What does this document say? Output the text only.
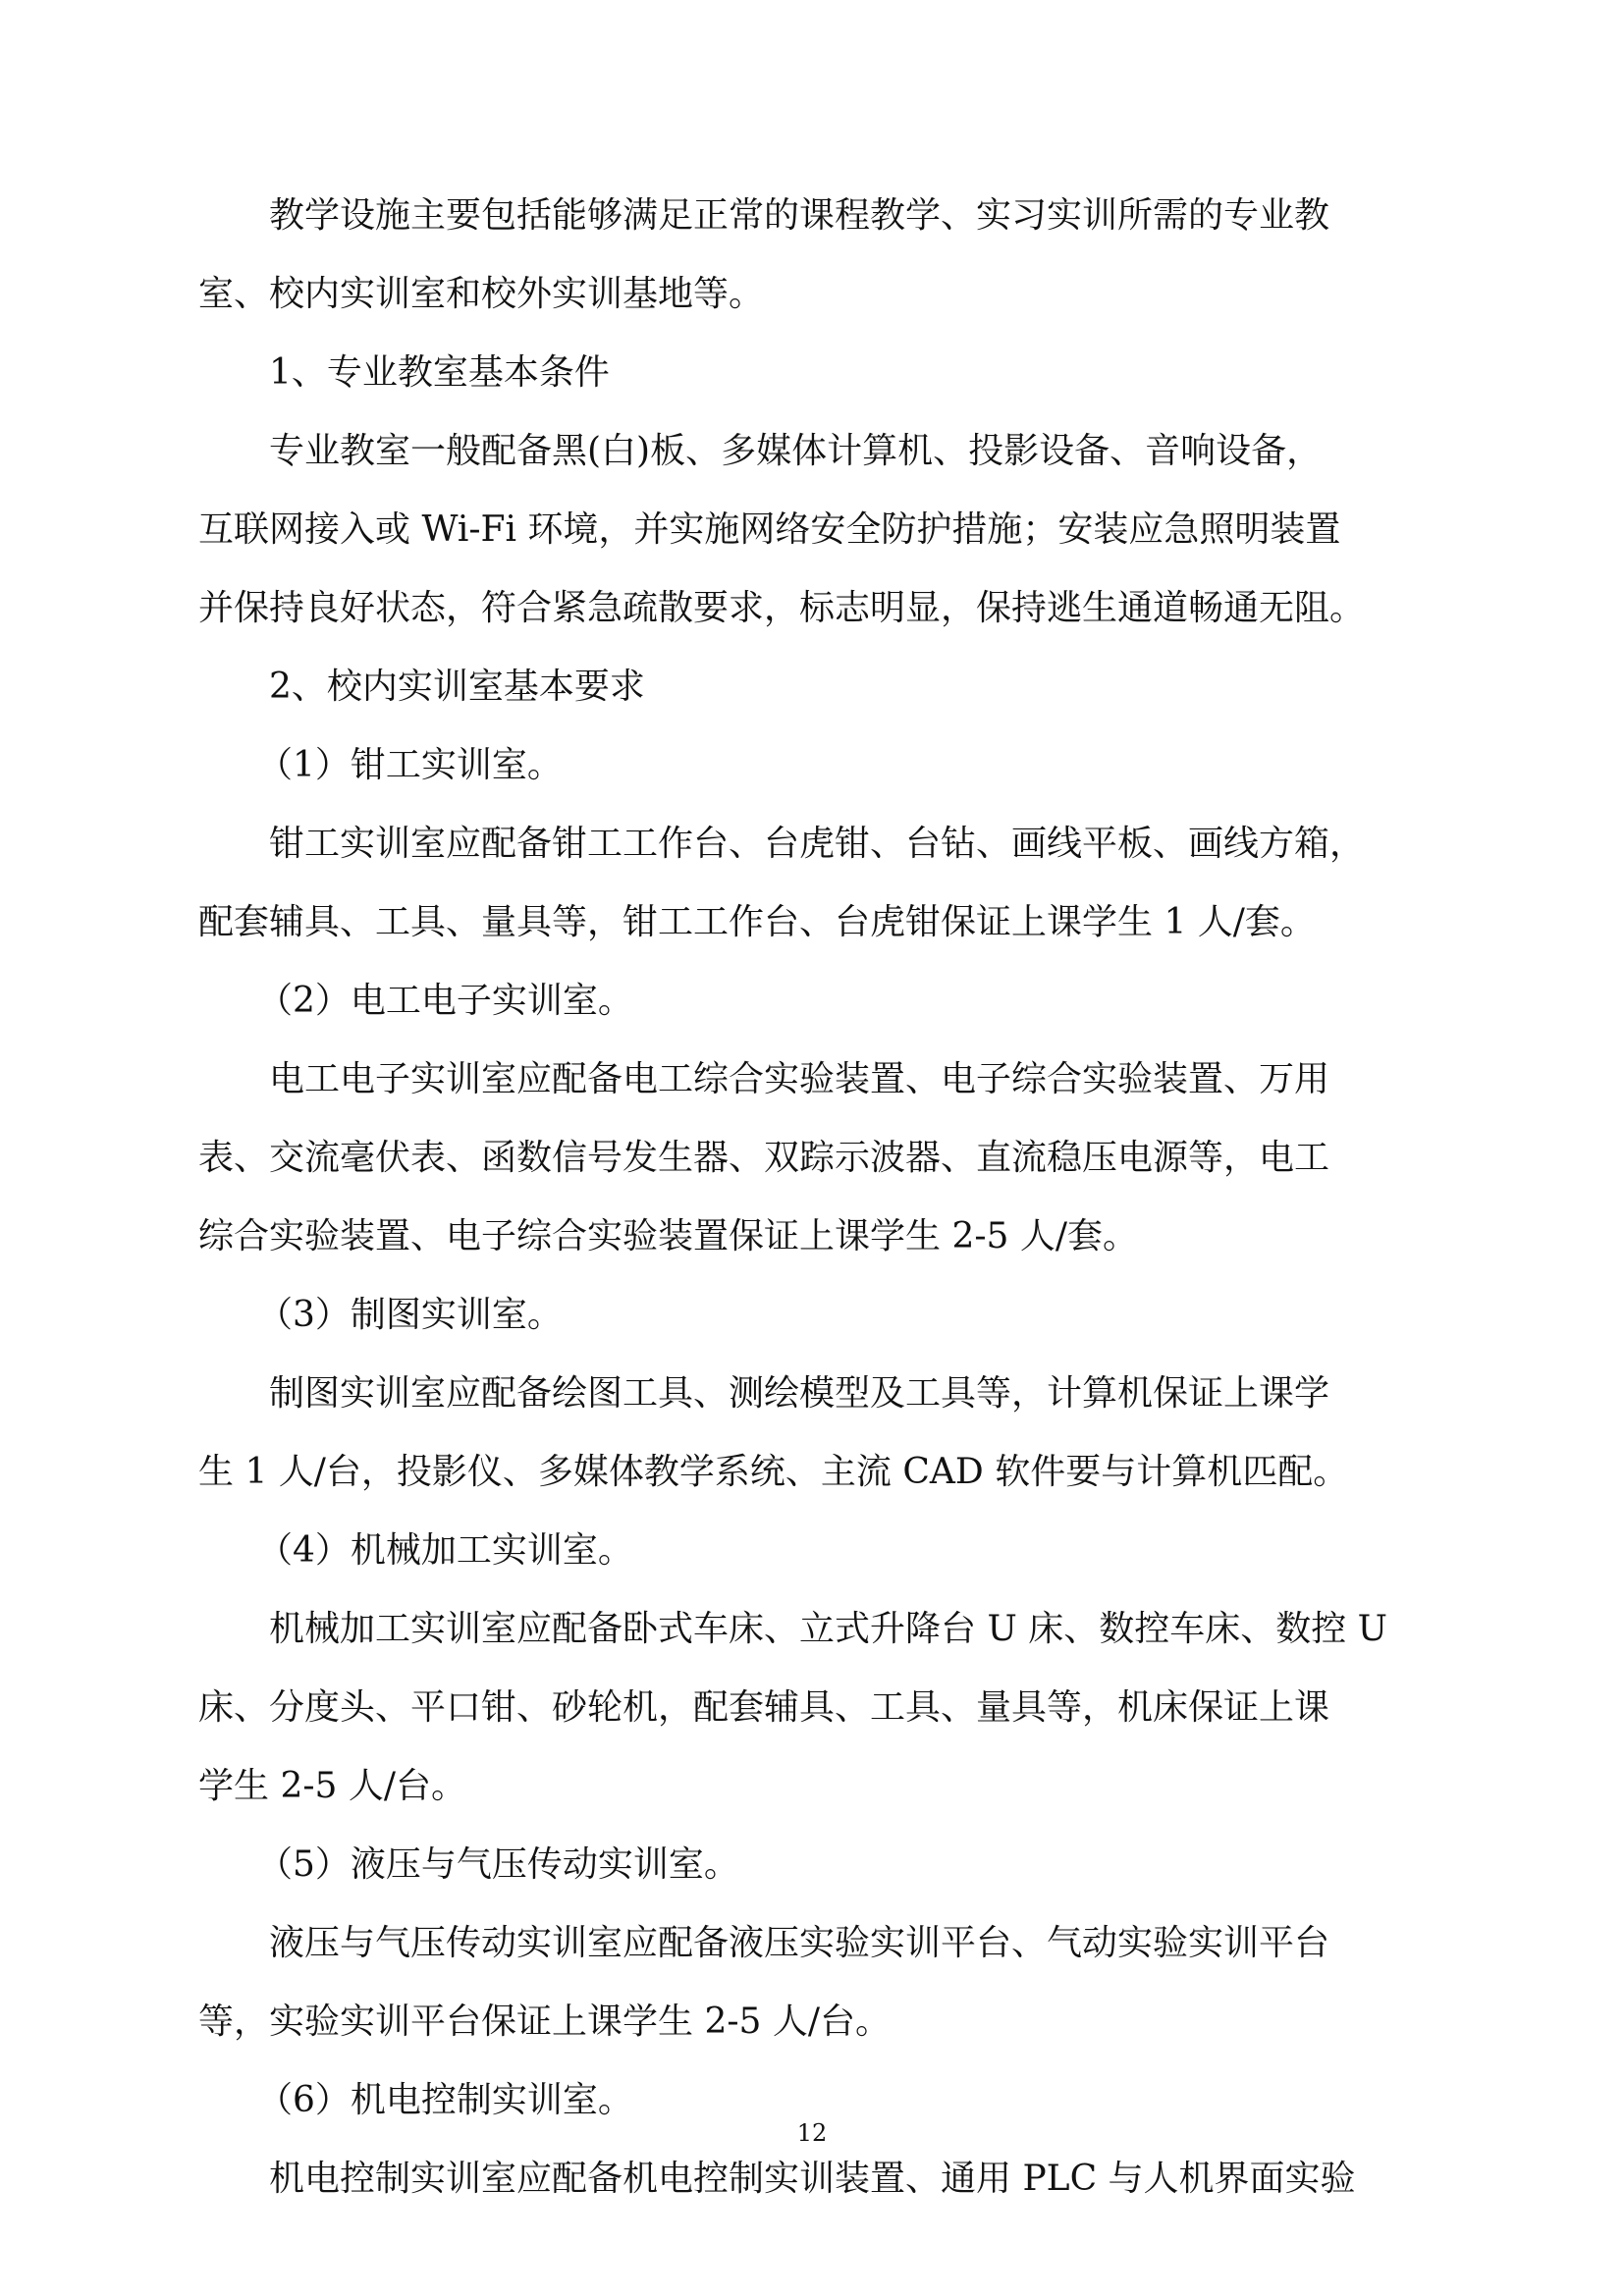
教学设施主要包括能够满足正常的课程教学、实习实训所需的专业教
室、校内实训室和校外实训基地等。
1、专业教室基本条件
专业教室一般配备黑(白)板、多媒体计算机、投影设备、音响设备，
互联网接入或 Wi-Fi 环境，并实施网络安全防护措施；安装应急照明装置
并保持良好状态，符合紧急疏散要求，标志明显，保持逃生通道畅通无阻。
2、校内实训室基本要求
（1）钳工实训室。
钳工实训室应配备钳工工作台、台虎钳、台钻、画线平板、画线方箱，
配套辅具、工具、量具等，钳工工作台、台虎钳保证上课学生 1 人/套。
（2）电工电子实训室。
电工电子实训室应配备电工综合实验装置、电子综合实验装置、万用
表、交流毫伏表、函数信号发生器、双踪示波器、直流稳压电源等，电工
综合实验装置、电子综合实验装置保证上课学生 2-5 人/套。
（3）制图实训室。
制图实训室应配备绘图工具、测绘模型及工具等，计算机保证上课学
生 1 人/台，投影仪、多媒体教学系统、主流 CAD 软件要与计算机匹配。
（4）机械加工实训室。
机械加工实训室应配备卧式车床、立式升降台 U 床、数控车床、数控 U
床、分度头、平口钳、砂轮机，配套辅具、工具、量具等，机床保证上课
学生 2-5 人/台。
（5）液压与气压传动实训室。
液压与气压传动实训室应配备液压实验实训平台、气动实验实训平台
等，实验实训平台保证上课学生 2-5 人/台。
（6）机电控制实训室。
机电控制实训室应配备机电控制实训装置、通用 PLC 与人机界面实验
12
